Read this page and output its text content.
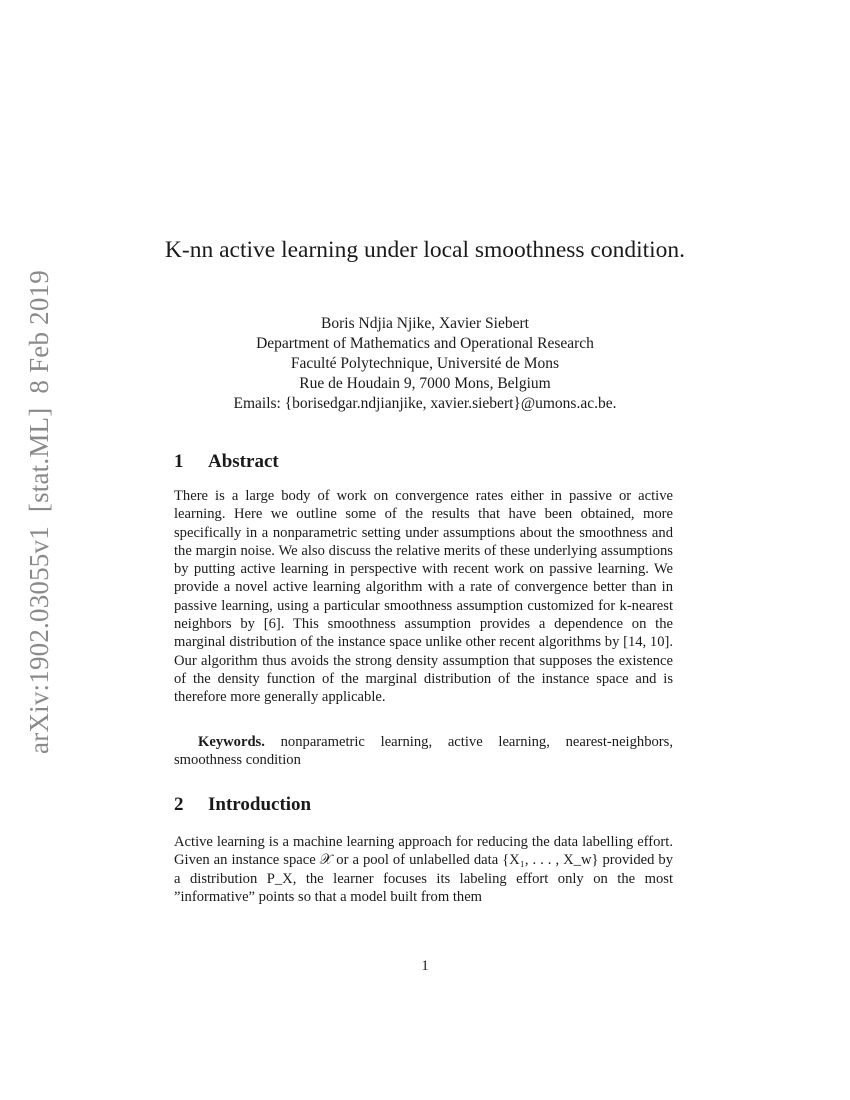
arXiv:1902.03055v1[stat.ML]8 Feb 2019
K-nn active learning under local smoothness condition.
Boris Ndjia Njike, Xavier Siebert
Department of Mathematics and Operational Research
Faculté Polytechnique, Université de Mons
Rue de Houdain 9, 7000 Mons, Belgium
Emails: {borisedgar.ndjianjike, xavier.siebert}@umons.ac.be.
1 Abstract

There is a large body of work on convergence rates either in passive or active learning. Here we outline some of the results that have been obtained, more specifically in a nonparametric setting under assumptions about the smoothness and the margin noise. We also discuss the relative merits of these underlying assumptions by putting active learning in perspective with recent work on passive learning. We provide a novel active learning algorithm with a rate of convergence better than in passive learning, using a particular smoothness assumption customized for k-nearest neighbors by [6]. This smoothness assumption provides a dependence on the marginal distribution of the instance space unlike other recent algorithms by [14, 10]. Our algorithm thus avoids the strong density assumption that supposes the existence of the density function of the marginal distribution of the instance space and is therefore more generally applicable.

Keywords. nonparametric learning, active learning, nearest-neighbors, smoothness condition

2 Introduction

Active learning is a machine learning approach for reducing the data labelling effort. Given an instance space 𝒳 or a pool of unlabelled data {X₁, . . . , X_w} provided by a distribution P_X, the learner focuses its labeling effort only on the most ”informative” points so that a model built from them

1
